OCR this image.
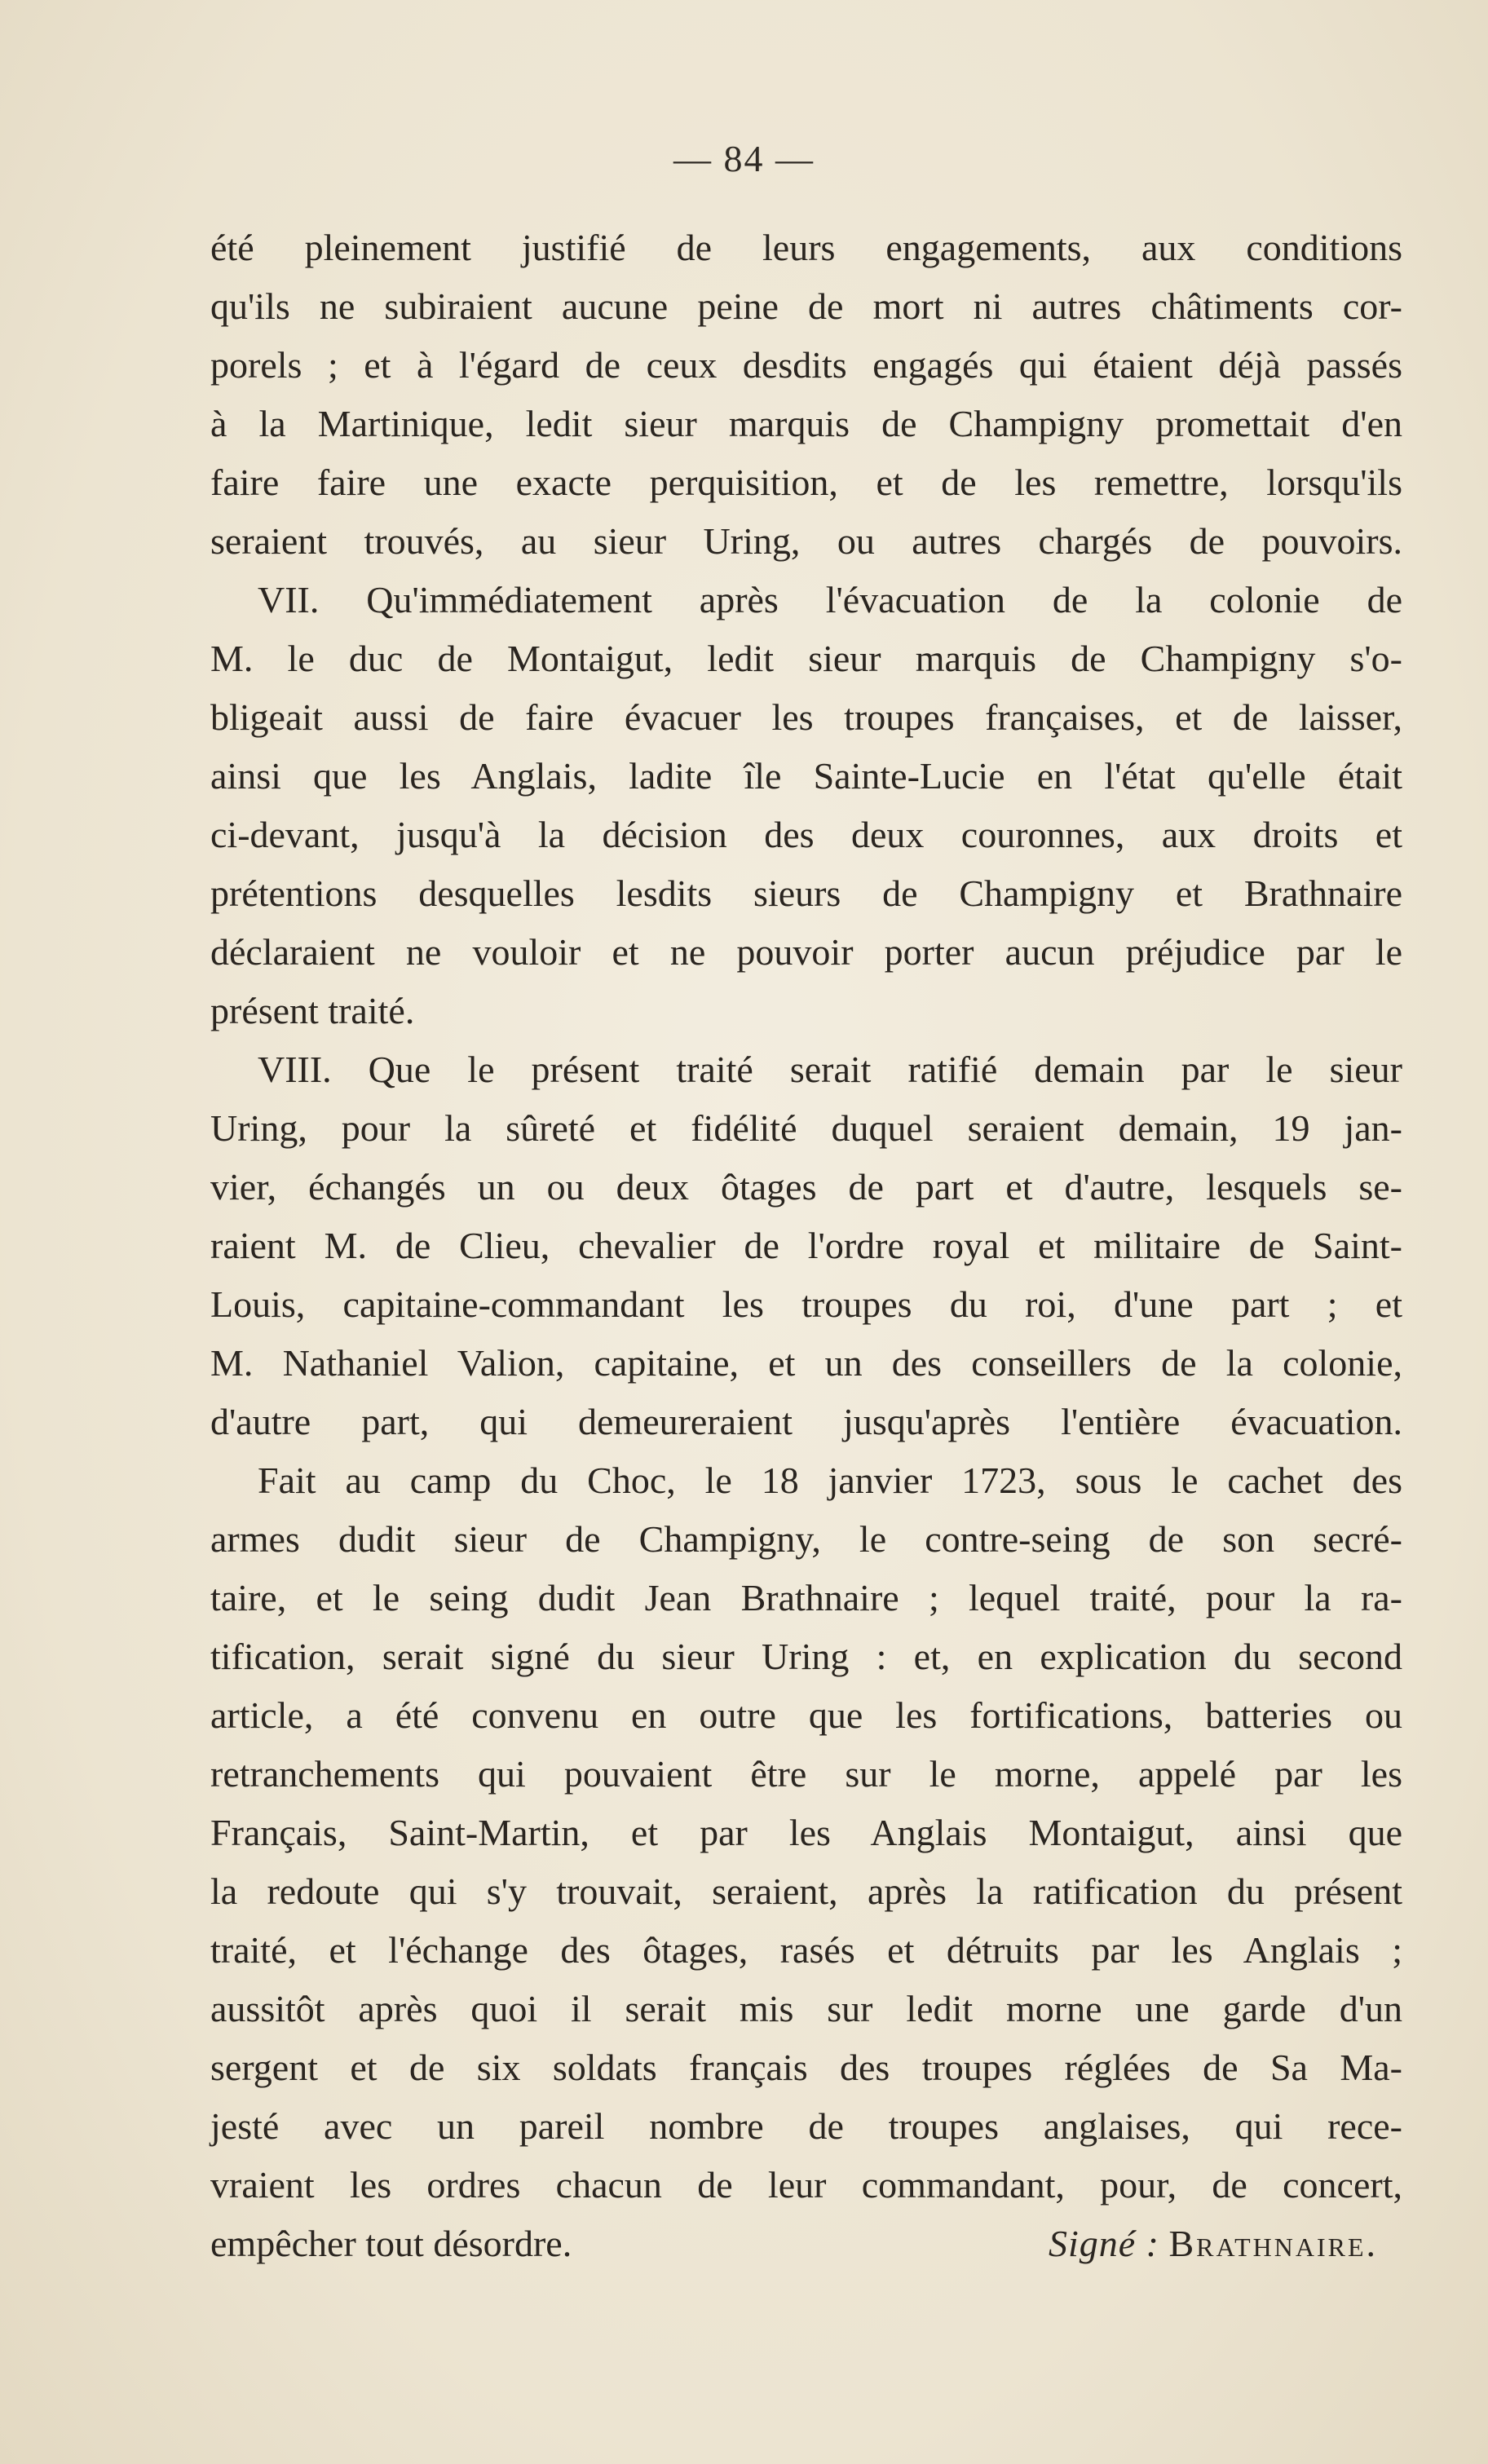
— 84 —
été pleinement justifié de leurs engagements, aux conditions
qu'ils ne subiraient aucune peine de mort ni autres châtiments cor-
porels ; et à l'égard de ceux desdits engagés qui étaient déjà passés
à la Martinique, ledit sieur marquis de Champigny promettait d'en
faire faire une exacte perquisition, et de les remettre, lorsqu'ils
seraient trouvés, au sieur Uring, ou autres chargés de pouvoirs.
VII. Qu'immédiatement après l'évacuation de la colonie de
M. le duc de Montaigut, ledit sieur marquis de Champigny s'o-
bligeait aussi de faire évacuer les troupes françaises, et de laisser,
ainsi que les Anglais, ladite île Sainte-Lucie en l'état qu'elle était
ci-devant, jusqu'à la décision des deux couronnes, aux droits et
prétentions desquelles lesdits sieurs de Champigny et Brathnaire
déclaraient ne vouloir et ne pouvoir porter aucun préjudice par le
présent traité.
VIII. Que le présent traité serait ratifié demain par le sieur
Uring, pour la sûreté et fidélité duquel seraient demain, 19 jan-
vier, échangés un ou deux ôtages de part et d'autre, lesquels se-
raient M. de Clieu, chevalier de l'ordre royal et militaire de Saint-
Louis, capitaine-commandant les troupes du roi, d'une part ; et
M. Nathaniel Valion, capitaine, et un des conseillers de la colonie,
d'autre part, qui demeureraient jusqu'après l'entière évacuation.
Fait au camp du Choc, le 18 janvier 1723, sous le cachet des
armes dudit sieur de Champigny, le contre-seing de son secré-
taire, et le seing dudit Jean Brathnaire ; lequel traité, pour la ra-
tification, serait signé du sieur Uring : et, en explication du second
article, a été convenu en outre que les fortifications, batteries ou
retranchements qui pouvaient être sur le morne, appelé par les
Français, Saint-Martin, et par les Anglais Montaigut, ainsi que
la redoute qui s'y trouvait, seraient, après la ratification du présent
traité, et l'échange des ôtages, rasés et détruits par les Anglais ;
aussitôt après quoi il serait mis sur ledit morne une garde d'un
sergent et de six soldats français des troupes réglées de Sa Ma-
jesté avec un pareil nombre de troupes anglaises, qui rece-
vraient les ordres chacun de leur commandant, pour, de concert,
empêcher tout désordre.	Signé : Brathnaire.
